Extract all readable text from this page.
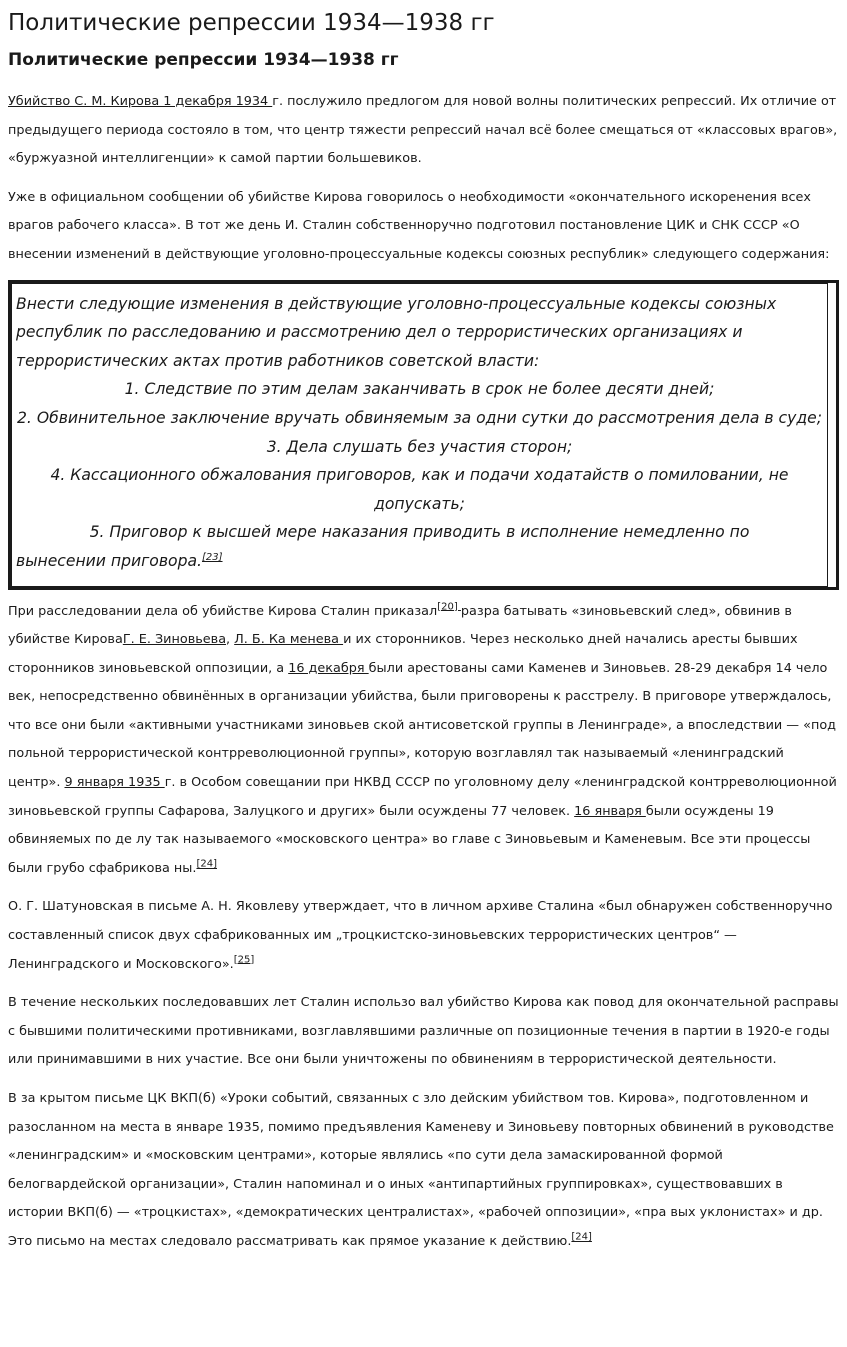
Политические репрессии 1934—1938 гг
Политические репрессии 1934—1938 гг

Убийство С. М. Кирова 1 декабря 1934 г. послужило предлогом для новой волны политических репрессий. Их отличие от предыдущего периода состояло в том, что центр тяжести репрессий начал всё более смещаться от «классовых врагов», «буржуазной интеллигенции» к самой партии большевиков.

Уже в официальном сообщении об убийстве Кирова говорилось о необходимости «окончательного искоренения всех врагов рабочего класса». В тот же день И. Сталин собственноручно подготовил постановление ЦИК и СНК СССР «О внесении изменений в действующие уголовно-процессуальные кодексы союзных республик» следующего содержания:

Внести следующие изменения в действующие уголовно-процессуальные кодексы союзных республик по расследованию и рассмотрению дел о террористических организациях и террористических актах против работников советской власти:

1. Следствие по этим делам заканчивать в срок не более десяти дней;

2. Обвинительное заключение вручать обвиняемым за одни сутки до рассмотрения дела в суде;

3. Дела слушать без участия сторон;

4. Кассационного обжалования приговоров, как и подачи ходатайств о помиловании, не допускать;

5. Приговор к высшей мере наказания приводить в исполнение немедленно по
вынесении приговора.[23]

При расследовании дела об убийстве Кирова Сталин приказал[20] разра батывать «зиновьевский след», обвинив в убийстве КироваГ. Е. Зиновьева, Л. Б. Ка менева и их сторонников. Через несколько дней начались аресты бывших сторонников зиновьевской оппозиции, а 16 декабря были арестованы сами Каменев и Зиновьев. 28-29 декабря 14 чело век, непосредственно обвинённых в организации убийства, были приговорены к расстрелу. В приговоре утверждалось, что все они были «активными участниками зиновьев ской антисоветской группы в Ленинграде», а впоследствии — «под польной террористической контрреволюционной группы», которую возглавлял так называемый «ленинградский центр». 9 января 1935 г. в Особом совещании при НКВД СССР по уголовному делу «ленинградской контрреволюционной зиновьевской группы Сафарова, Залуцкого и других» были осуждены 77 человек. 16 января были осуждены 19 обвиняемых по де лу так называемого «московского центра» во главе с Зиновьевым и Каменевым. Все эти процессы были грубо сфабрикова ны.[24]

О. Г. Шатуновская в письме А. Н. Яковлеву утверждает, что в личном архиве Сталина «был обнаружен собственноручно составленный список двух сфабрикованных им „троцкистско-зиновьевских террористических центров“ — Ленинградского и Московского».[25]

В течение нескольких последовавших лет Сталин использо вал убийство Кирова как повод для окончательной расправы с бывшими политическими противниками, возглавлявшими различные оп позиционные течения в партии в 1920-е годы или принимавшими в них участие. Все они были уничтожены по обвинениям в террористической деятельности.

В за крытом письме ЦК ВКП(б) «Уроки событий, связанных с зло дейским убийством тов. Кирова», подготовленном и разосланном на места в январе 1935, помимо предъявления Каменеву и Зиновьеву повторных обвинений в руководстве «ленинградским» и «московским центрами», которые являлись «по сути дела замаскированной формой белогвардейской организации», Сталин напоминал и о иных «антипартийных группировках», существовавших в истории ВКП(б) — «троцкистах», «демократических централистах», «рабочей оппозиции», «пра вых уклонистах» и др. Это письмо на местах следовало рассматривать как прямое указание к действию.[24]
